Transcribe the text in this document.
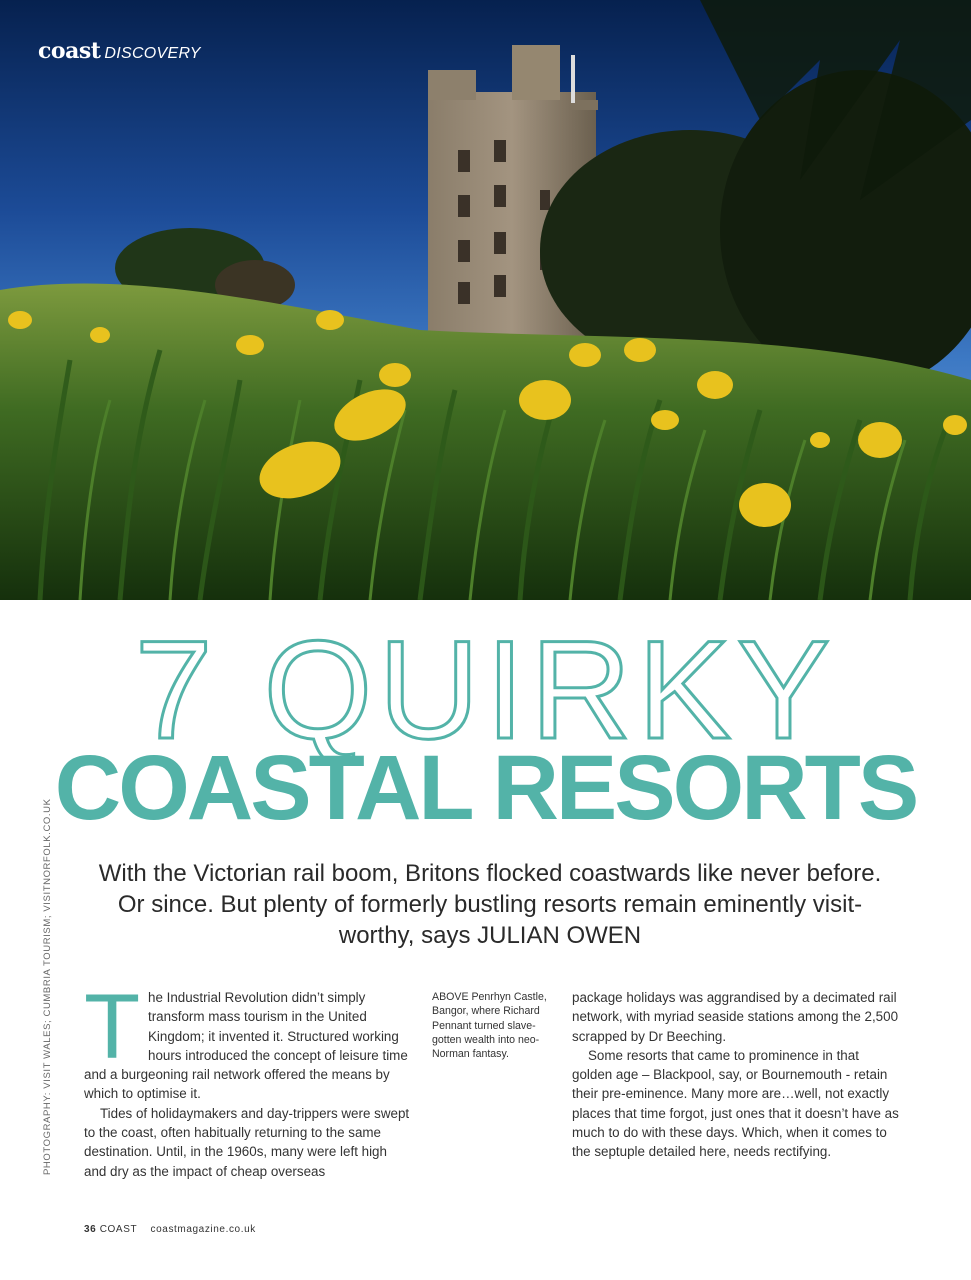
coast DISCOVERY
7 QUIRKY
COASTAL RESORTS
With the Victorian rail boom, Britons flocked coastwards like never before. Or since. But plenty of formerly bustling resorts remain eminently visit-worthy, says JULIAN OWEN
PHOTOGRAPHY: VISIT WALES; CUMBRIA TOURISM; VISITNORFOLK.CO.UK T he Industrial Revolution didn’t simply transform mass tourism in the United Kingdom; it invented it. Structured working hours introduced the concept of leisure time and a burgeoning rail network offered the means by which to optimise it.

Tides of holidaymakers and day-trippers were swept to the coast, often habitually returning to the same destination. Until, in the 1960s, many were left high and dry as the impact of cheap overseas

ABOVE Penrhyn Castle, Bangor, where Richard Pennant turned slave-gotten wealth into neo-Norman fantasy.

package holidays was aggrandised by a decimated rail network, with myriad seaside stations among the 2,500 scrapped by Dr Beeching.

Some resorts that came to prominence in that golden age – Blackpool, say, or Bournemouth - retain their pre-eminence. Many more are…well, not exactly places that time forgot, just ones that it doesn’t have as much to do with these days. Which, when it comes to the septuple detailed here, needs rectifying.

36 COAST coastmagazine.co.uk
